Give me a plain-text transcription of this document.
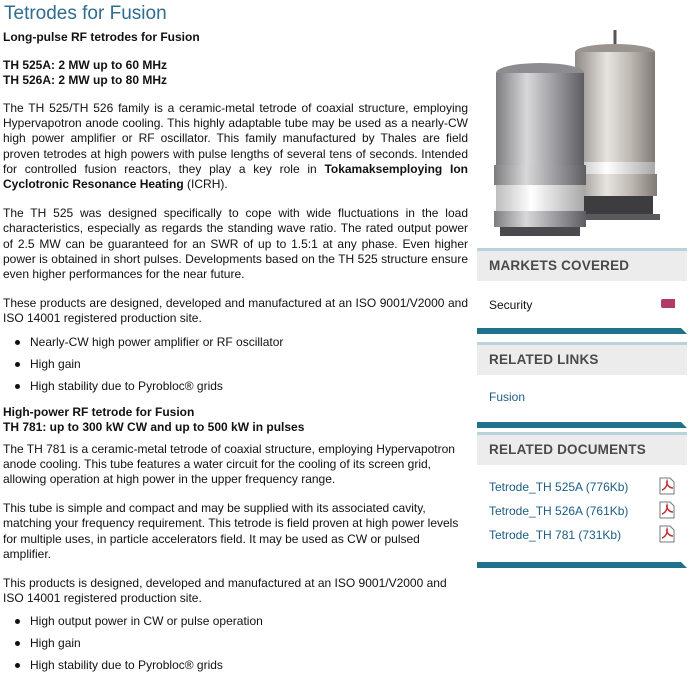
Tetrodes for Fusion

Long-pulse RF tetrodes for Fusion

TH 525A: 2 MW up to 60 MHz

TH 526A: 2 MW up to 80 MHz

The TH 525/TH 526 family is a ceramic-metal tetrode of coaxial structure, employing Hypervapotron anode cooling. This highly adaptable tube may be used as a nearly-CW high power amplifier or RF oscillator. This family manufactured by Thales are field proven tetrodes at high powers with pulse lengths of several tens of seconds. Intended for controlled fusion reactors, they play a key role in Tokamaksemploying Ion Cyclotronic Resonance Heating (ICRH).

The TH 525 was designed specifically to cope with wide fluctuations in the load characteristics, especially as regards the standing wave ratio. The rated output power of 2.5 MW can be guaranteed for an SWR of up to 1.5:1 at any phase. Even higher power is obtained in short pulses. Developments based on the TH 525 structure ensure even higher performances for the near future.

These products are designed, developed and manufactured at an ISO 9001/V2000 and ISO 14001 registered production site.

Nearly-CW high power amplifier or RF oscillator
High gain
High stability due to Pyrobloc® grids

High-power RF tetrode for Fusion

TH 781: up to 300 kW CW and up to 500 kW in pulses

The TH 781 is a ceramic-metal tetrode of coaxial structure, employing Hypervapotron anode cooling. This tube features a water circuit for the cooling of its screen grid, allowing operation at high power in the upper frequency range.

This tube is simple and compact and may be supplied with its associated cavity, matching your frequency requirement. This tetrode is field proven at high power levels for multiple uses, in particle accelerators field. It may be used as CW or pulsed amplifier.

This products is designed, developed and manufactured at an ISO 9001/V2000 and ISO 14001 registered production site.

High output power in CW or pulse operation
High gain
High stability due to Pyrobloc® grids
MARKETS COVERED
Security
RELATED LINKS
Fusion
RELATED DOCUMENTS
Tetrode_TH 525A (776Kb)
Tetrode_TH 526A (761Kb)
Tetrode_TH 781 (731Kb)
